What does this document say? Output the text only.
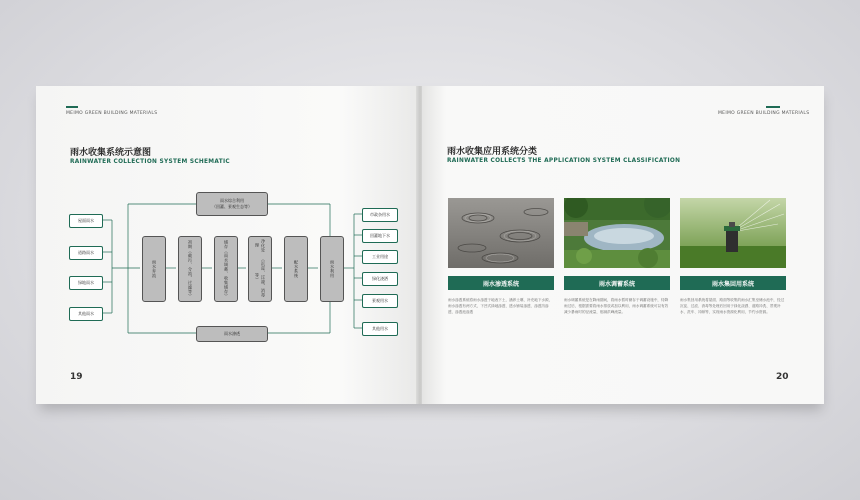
MEIMO GREEN BUILDING MATERIALS
雨水收集系统示意图
RAINWATER COLLECTION SYSTEM SCHEMATIC
屋面雨水
道路雨水
绿地雨水
其他雨水
雨水综合利用
（回灌、景观生态等）
雨水渗透
雨水弃流
初期
（截污、分流、过滤等）
储存
（雨水调蓄、收集储存）
净化处理
（沉淀、过滤、消毒等）	配水系统	雨水利用
市政杂用水
回灌地下水
工业用途
绿化浇洒
景观用水
其他用水
19
MEIMO GREEN BUILDING MATERIALS
雨水收集应用系统分类
RAINWATER COLLECTS THE APPLICATION SYSTEM CLASSIFICATION
雨水渗透系统	雨水调蓄系统	雨水集回用系统
雨水渗透系统将雨水渗透于地表下土，涵养土壤、补充地下水源，雨水渗透有两方式，下凹式绿地渗透、透水铺装渗透、渗透沟渗透、渗透池渗透
雨水调蓄系统是在降雨期间，将雨水暂时储存于调蓄设施中，待降雨过后，根据需要将雨水排放或加以利用，雨水调蓄系统可以有效减少暴雨时的径流量，削减洪峰流量。
雨水集回用系统将屋面、路面等收集的雨水汇集至储水池中，经过沉淀、过滤、消毒等处理后回用于绿化浇洒、道路冲洗、景观补水、洗车、冲厕等，实现雨水资源化利用，节约水资源。
20
